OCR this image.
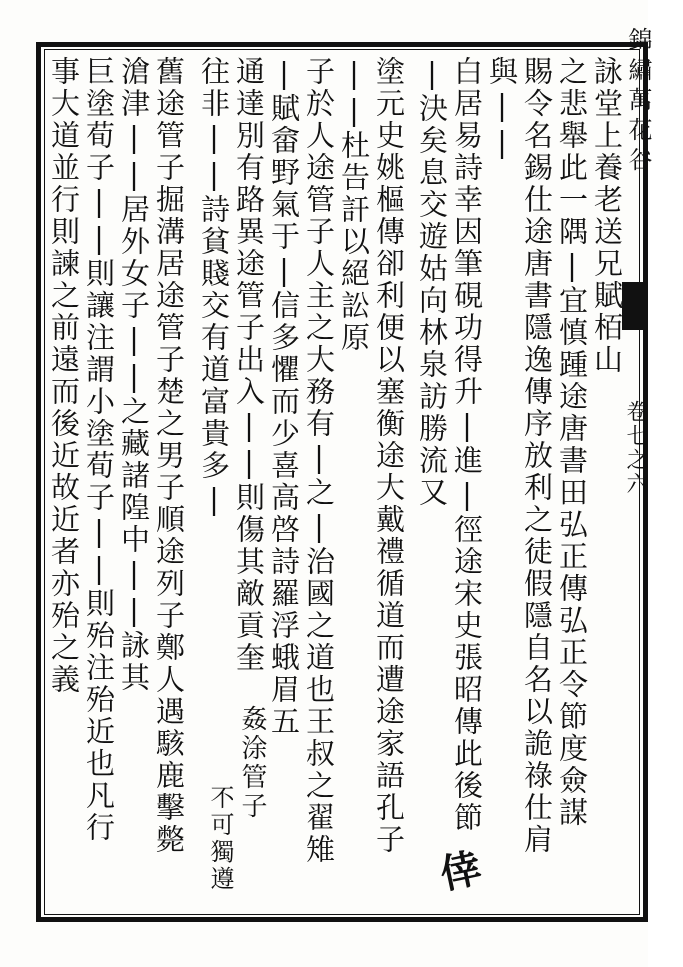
錦繡萬花谷
卷七之六
詠堂上養老送兄賦栢山
之悲舉此一隅|宜慎踵途唐書田弘正傳弘正令節度僉謀
賜令名錫仕途唐書隱逸傳序放利之徒假隱自名以詭祿仕肩
與||
白居易詩幸因筆硯功得升|進|徑途宋史張昭傳此後節
|決矣息交遊姑向林泉訪勝流又
塗元史姚樞傳卻利便以塞衡途大戴禮循道而遭途家語孔子
||杜告訐以絕訟原
子於人途管子人主之大務有|之|治國之道也王叔之翟雉
|賦畲野氣于|信多懼而少喜高啓詩羅浮蛾眉五
通達別有路異途管子出入||則傷其敵貢奎
往非||詩貧賤交有道富貴多|
舊途管子掘溝居途管子楚之男子順途列子鄭人遇駭鹿擊斃
滄津||居外女子||之藏諸隍中||詠其
巨塗荀子||則讓注謂小塗荀子||則殆注殆近也凡行
事大道並行則諫之前遠而後近故近者亦殆之義
倖
姦涂管子
不可獨遵
